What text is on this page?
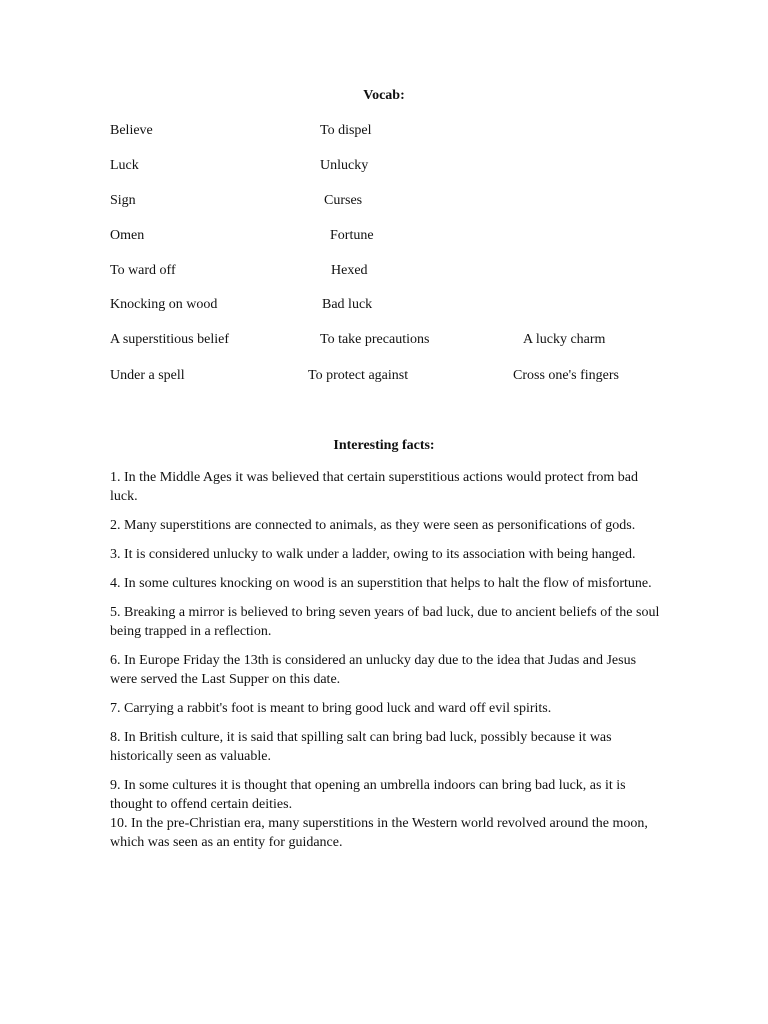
Vocab:
Believe	To dispel
Luck	Unlucky
Sign	Curses
Omen	Fortune
To ward off	Hexed
Knocking on wood	Bad luck
A superstitious belief	To take precautions	A lucky charm
Under a spell	To protect against	Cross one's fingers
Interesting facts:

1. In the Middle Ages it was believed that certain superstitious actions would protect from bad luck.

2. Many superstitions are connected to animals, as they were seen as personifications of gods.

3. It is considered unlucky to walk under a ladder, owing to its association with being hanged.

4. In some cultures knocking on wood is an superstition that helps to halt the flow of misfortune.

5. Breaking a mirror is believed to bring seven years of bad luck, due to ancient beliefs of the soul being trapped in a reflection.

6. In Europe Friday the 13th is considered an unlucky day due to the idea that Judas and Jesus were served the Last Supper on this date.

7. Carrying a rabbit's foot is meant to bring good luck and ward off evil spirits.

8. In British culture, it is said that spilling salt can bring bad luck, possibly because it was historically seen as valuable.

9. In some cultures it is thought that opening an umbrella indoors can bring bad luck, as it is thought to offend certain deities.

10. In the pre-Christian era, many superstitions in the Western world revolved around the moon, which was seen as an entity for guidance.
